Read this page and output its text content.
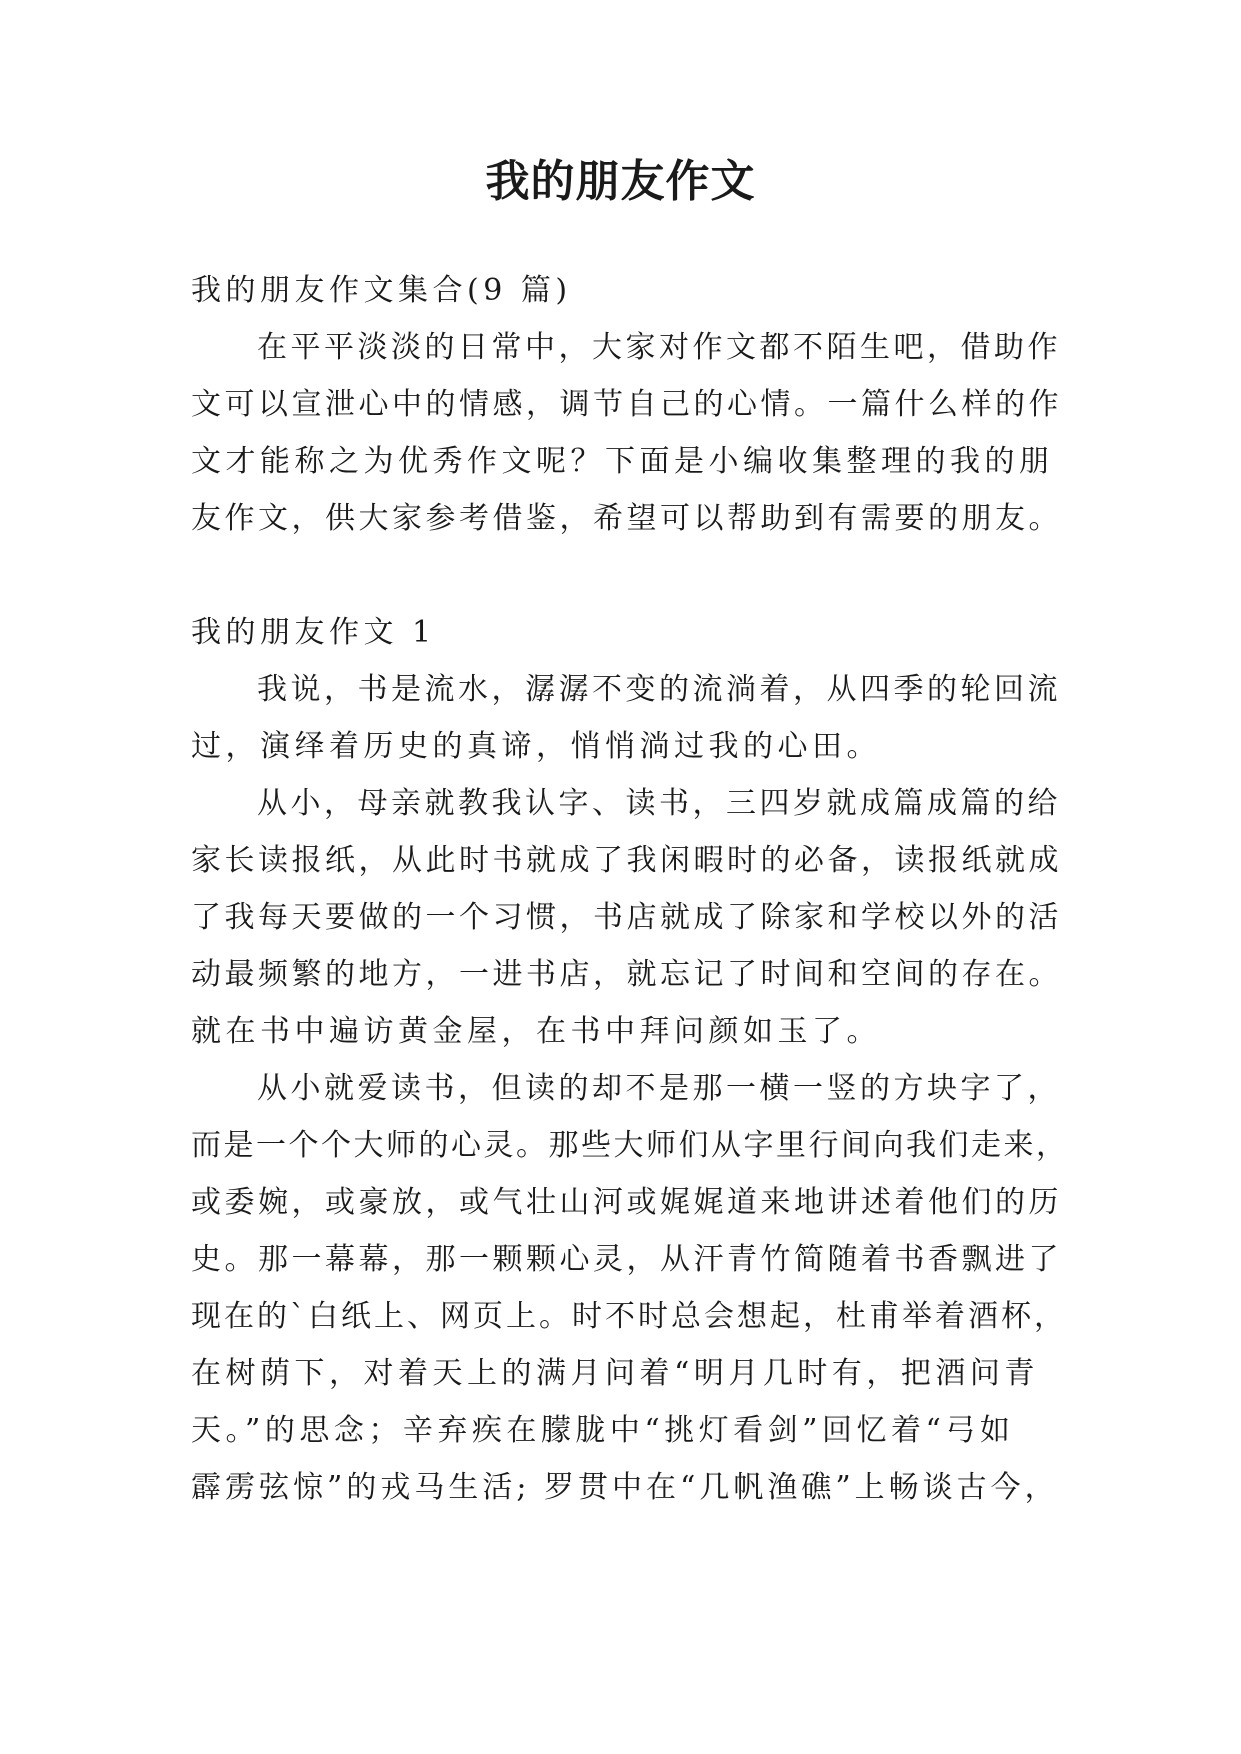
我的朋友作文
我的朋友作文集合(9 篇)
在平平淡淡的日常中，大家对作文都不陌生吧，借助作
文可以宣泄心中的情感，调节自己的心情。一篇什么样的作
文才能称之为优秀作文呢？下面是小编收集整理的我的朋
友作文，供大家参考借鉴，希望可以帮助到有需要的朋友。
我的朋友作文 1
我说，书是流水，潺潺不变的流淌着，从四季的轮回流
过，演绎着历史的真谛，悄悄淌过我的心田。
从小，母亲就教我认字、读书，三四岁就成篇成篇的给
家长读报纸，从此时书就成了我闲暇时的必备，读报纸就成
了我每天要做的一个习惯，书店就成了除家和学校以外的活
动最频繁的地方，一进书店，就忘记了时间和空间的存在。
就在书中遍访黄金屋，在书中拜问颜如玉了。
从小就爱读书，但读的却不是那一横一竖的方块字了，
而是一个个大师的心灵。那些大师们从字里行间向我们走来，
或委婉，或豪放，或气壮山河或娓娓道来地讲述着他们的历
史。那一幕幕，那一颗颗心灵，从汗青竹简随着书香飘进了
现在的`白纸上、网页上。时不时总会想起，杜甫举着酒杯，
在树荫下，对着天上的满月问着“明月几时有，把酒问青
天。”的思念；辛弃疾在朦胧中“挑灯看剑”回忆着“弓如
霹雳弦惊”的戎马生活; 罗贯中在“几帆渔礁”上畅谈古今，
